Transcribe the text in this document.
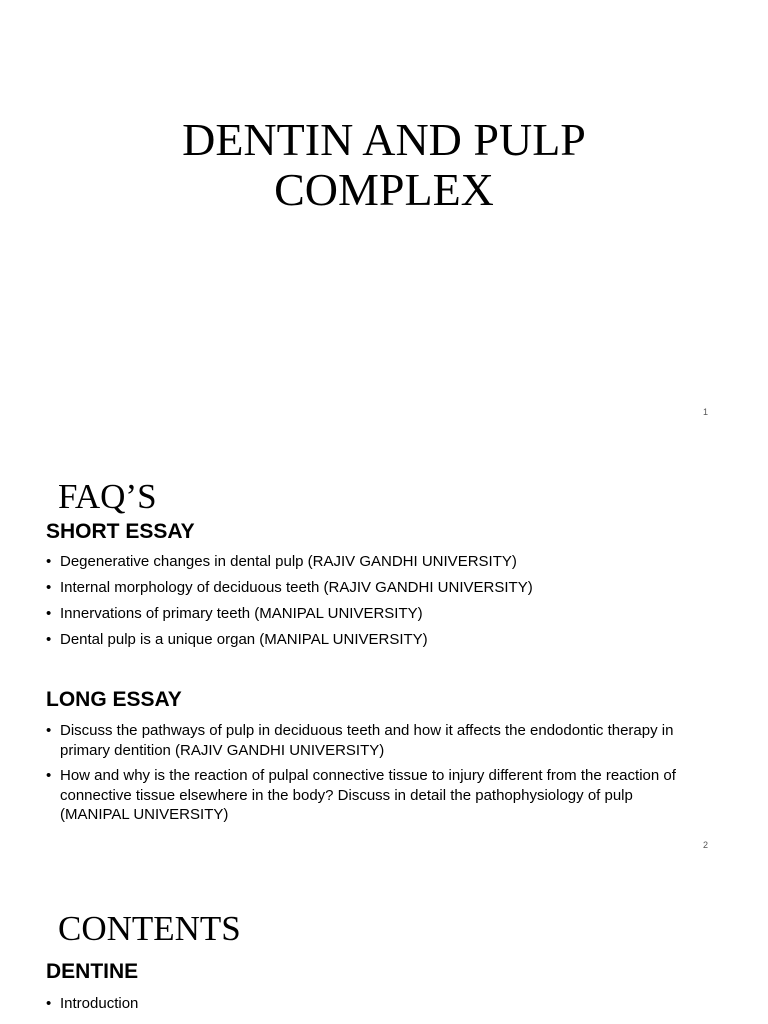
DENTIN AND PULP
COMPLEX
1
FAQ’S
SHORT ESSAY
• Degenerative changes in dental pulp (RAJIV GANDHI UNIVERSITY)
• Internal morphology of deciduous teeth (RAJIV GANDHI UNIVERSITY)
• Innervations of primary teeth (MANIPAL UNIVERSITY)
• Dental pulp is a unique organ (MANIPAL UNIVERSITY)
LONG ESSAY
• Discuss the pathways of pulp in deciduous teeth and how it affects the endodontic therapy in primary dentition (RAJIV GANDHI UNIVERSITY)
• How and why is the reaction of pulpal connective tissue to injury different from the reaction of connective tissue elsewhere in the body? Discuss in detail the pathophysiology of pulp (MANIPAL UNIVERSITY)
2
CONTENTS
DENTINE
• Introduction
